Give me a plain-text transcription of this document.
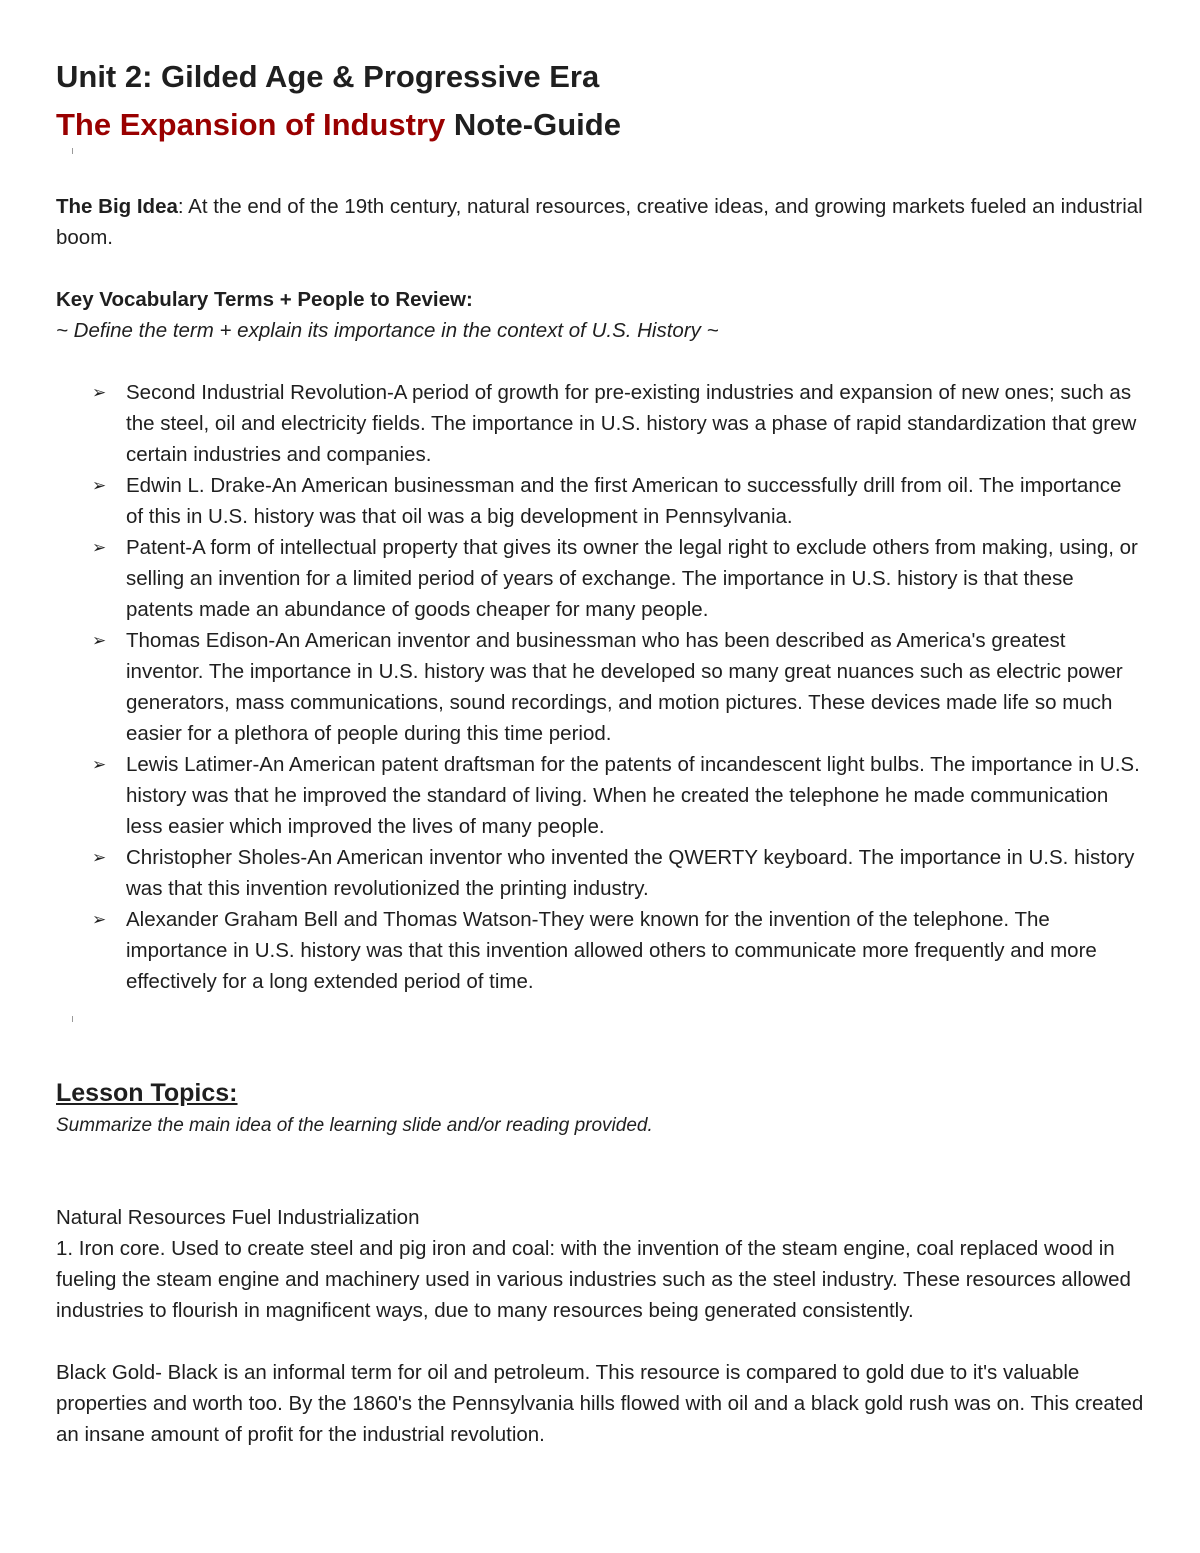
Unit 2: Gilded Age & Progressive Era
The Expansion of Industry Note-Guide

The Big Idea: At the end of the 19th century, natural resources, creative ideas, and growing markets fueled an industrial boom.

Key Vocabulary Terms + People to Review:

~ Define the term + explain its importance in the context of U.S. History ~

➢ Second Industrial Revolution-A period of growth for pre-existing industries and expansion of new ones; such as the steel, oil and electricity fields. The importance in U.S. history was a phase of rapid standardization that grew certain industries and companies.
➢ Edwin L. Drake-An American businessman and the first American to successfully drill from oil. The importance of this in U.S. history was that oil was a big development in Pennsylvania.
➢ Patent-A form of intellectual property that gives its owner the legal right to exclude others from making, using, or selling an invention for a limited period of years of exchange. The importance in U.S. history is that these patents made an abundance of goods cheaper for many people.
➢ Thomas Edison-An American inventor and businessman who has been described as America's greatest inventor. The importance in U.S. history was that he developed so many great nuances such as electric power generators, mass communications, sound recordings, and motion pictures. These devices made life so much easier for a plethora of people during this time period.
➢ Lewis Latimer-An American patent draftsman for the patents of incandescent light bulbs. The importance in U.S. history was that he improved the standard of living. When he created the telephone he made communication less easier which improved the lives of many people.
➢ Christopher Sholes-An American inventor who invented the QWERTY keyboard. The importance in U.S. history was that this invention revolutionized the printing industry.
➢ Alexander Graham Bell and Thomas Watson-They were known for the invention of the telephone. The importance in U.S. history was that this invention allowed others to communicate more frequently and more effectively for a long extended period of time.

Lesson Topics:

Summarize the main idea of the learning slide and/or reading provided.

Natural Resources Fuel Industrialization

1. Iron core. Used to create steel and pig iron and coal: with the invention of the steam engine, coal replaced wood in fueling the steam engine and machinery used in various industries such as the steel industry. These resources allowed industries to flourish in magnificent ways, due to many resources being generated consistently.

Black Gold- Black is an informal term for oil and petroleum. This resource is compared to gold due to it's valuable properties and worth too. By the 1860's the Pennsylvania hills flowed with oil and a black gold rush was on. This created an insane amount of profit for the industrial revolution.
